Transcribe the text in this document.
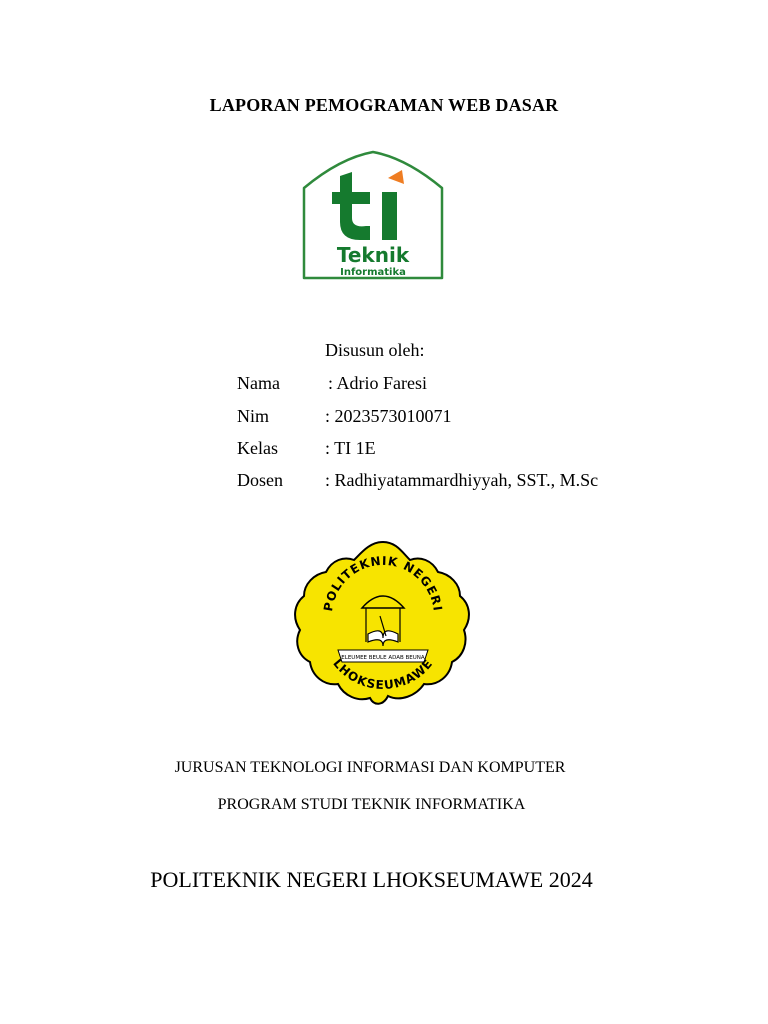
LAPORAN PEMOGRAMAN WEB DASAR
Teknik
Informatika
Disusun oleh:
Nama	: Adrio Faresi
Nim	: 2023573010071
Kelas	: TI 1E
Dosen : Radhiyatammardhiyyah, SST., M.Sc
POLITEKNIK NEGERI
ELEUMEE BEULE ADAB BEUNA
LHOKSEUMAWE
JURUSAN TEKNOLOGI INFORMASI DAN KOMPUTER
PROGRAM STUDI TEKNIK INFORMATIKA
POLITEKNIK NEGERI LHOKSEUMAWE 2024
